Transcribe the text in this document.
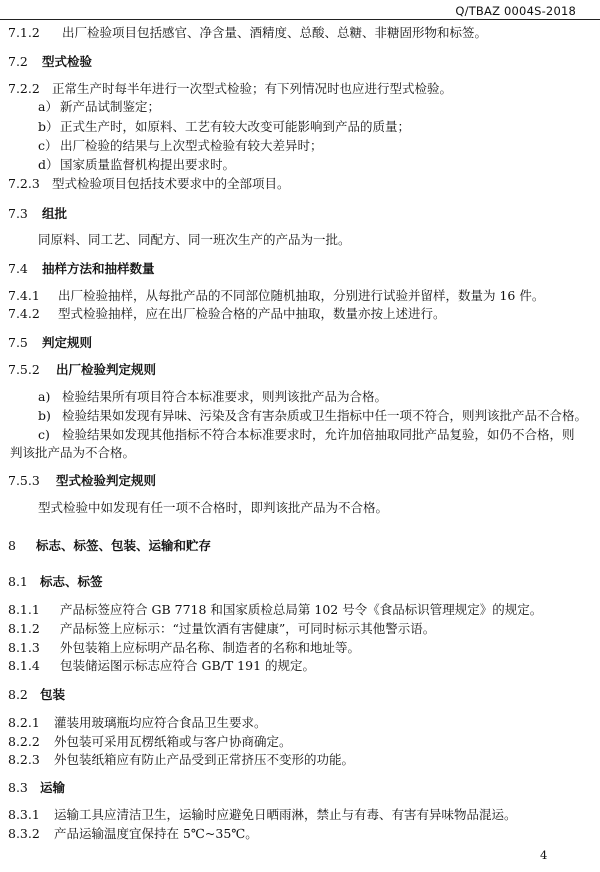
Q/TBAZ 0004S-2018
7.1.2 出厂检验项目包括感官、净含量、酒精度、总酸、总糖、非糖固形物和标签。
7.2 型式检验
7.2.2 正常生产时每半年进行一次型式检验；有下列情况时也应进行型式检验。
a） 新产品试制鉴定；
b）正式生产时，如原料、工艺有较大改变可能影响到产品的质量；
c） 出厂检验的结果与上次型式检验有较大差异时；
d）国家质量监督机构提出要求时。
7.2.3 型式检验项目包括技术要求中的全部项目。
7.3 组批
同原料、同工艺、同配方、同一班次生产的产品为一批。
7.4 抽样方法和抽样数量
7.4.1 出厂检验抽样，从每批产品的不同部位随机抽取，分别进行试验并留样，数量为 16 件。
7.4.2 型式检验抽样，应在出厂检验合格的产品中抽取，数量亦按上述进行。
7.5 判定规则
7.5.2 出厂检验判定规则
a) 检验结果所有项目符合本标准要求，则判该批产品为合格。
b) 检验结果如发现有异味、污染及含有害杂质或卫生指标中任一项不符合，则判该批产品不合格。
c) 检验结果如发现其他指标不符合本标准要求时，允许加倍抽取同批产品复验，如仍不合格，则
判该批产品为不合格。
7.5.3 型式检验判定规则
型式检验中如发现有任一项不合格时，即判该批产品为不合格。
8 标志、标签、包装、运输和贮存
8.1 标志、标签
8.1.1 产品标签应符合 GB 7718 和国家质检总局第 102 号令《食品标识管理规定》的规定。
8.1.2 产品标签上应标示：“过量饮酒有害健康”，可同时标示其他警示语。
8.1.3 外包装箱上应标明产品名称、制造者的名称和地址等。
8.1.4 包装储运图示标志应符合 GB/T 191 的规定。
8.2 包装
8.2.1 灌装用玻璃瓶均应符合食品卫生要求。
8.2.2 外包装可采用瓦楞纸箱或与客户协商确定。
8.2.3 外包装纸箱应有防止产品受到正常挤压不变形的功能。
8.3 运输
8.3.1 运输工具应清洁卫生，运输时应避免日晒雨淋，禁止与有毒、有害有异味物品混运。
8.3.2 产品运输温度宜保持在 5℃~35℃。
4
